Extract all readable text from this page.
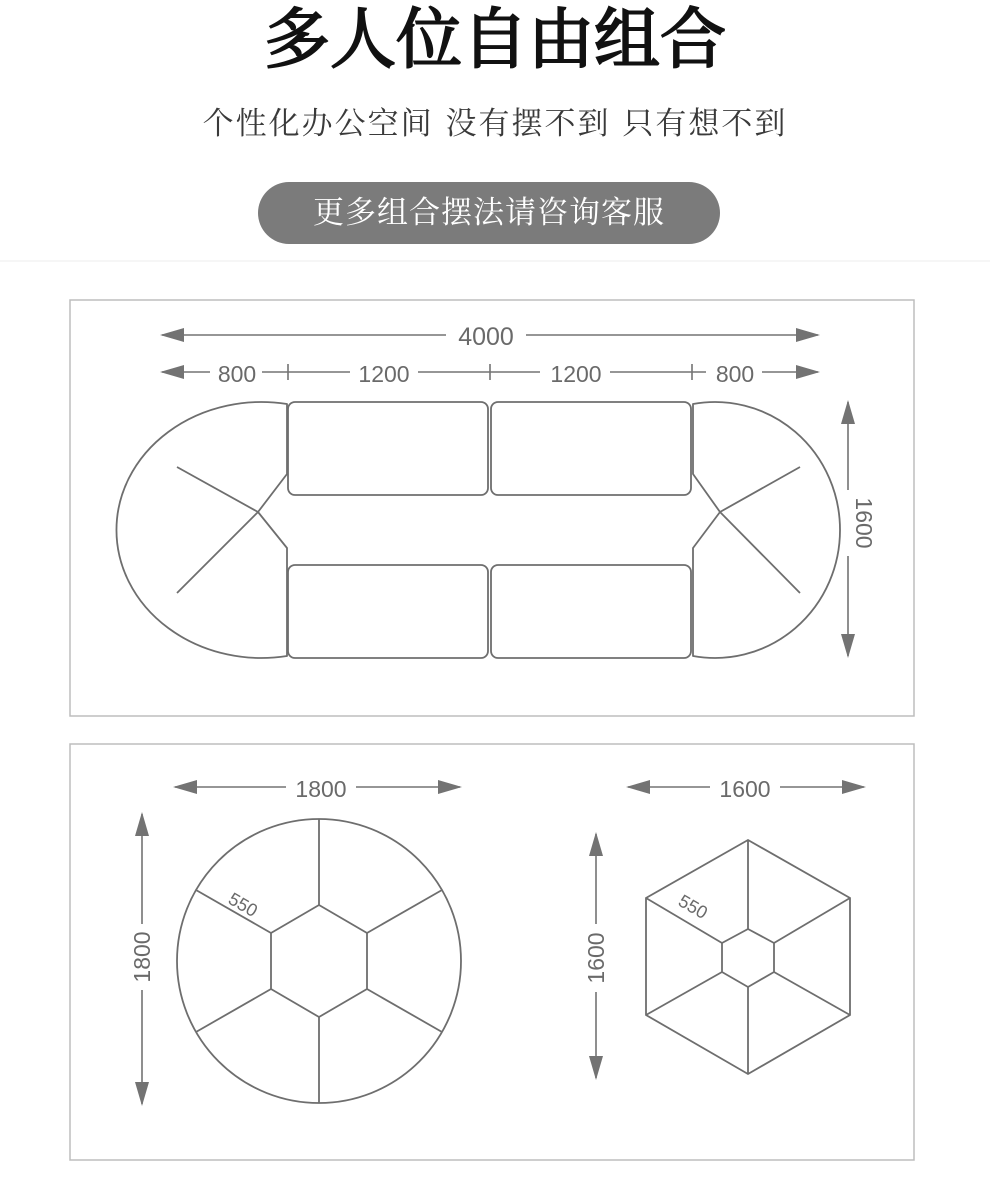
多人位自由组合
个性化办公空间 没有摆不到 只有想不到
更多组合摆法请咨询客服
4000
800	1200	1200	800
1600
1800
1800
550
1600
1600
550
